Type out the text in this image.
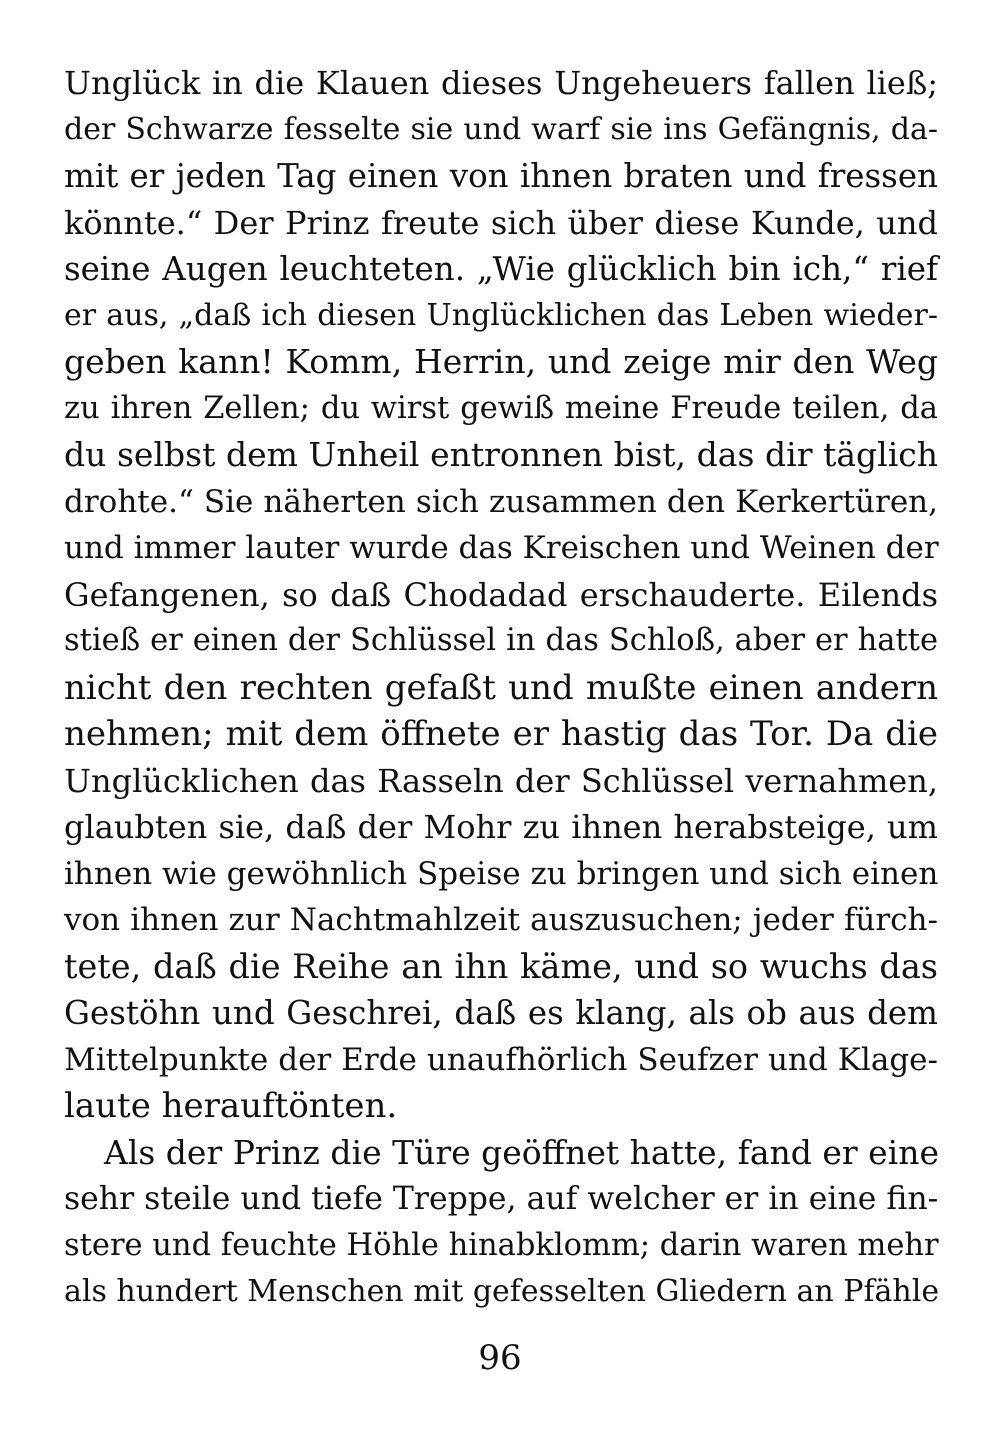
Unglück in die Klauen dieses Ungeheuers fallen ließ;
der Schwarze fesselte sie und warf sie ins Gefängnis, da-
mit er jeden Tag einen von ihnen braten und fressen
könnte.“ Der Prinz freute sich über diese Kunde, und
seine Augen leuchteten. „Wie glücklich bin ich,“ rief
er aus, „daß ich diesen Unglücklichen das Leben wieder-
geben kann! Komm, Herrin, und zeige mir den Weg
zu ihren Zellen; du wirst gewiß meine Freude teilen, da
du selbst dem Unheil entronnen bist, das dir täglich
drohte.“ Sie näherten sich zusammen den Kerkertüren,
und immer lauter wurde das Kreischen und Weinen der
Gefangenen, so daß Chodadad erschauderte. Eilends
stieß er einen der Schlüssel in das Schloß, aber er hatte
nicht den rechten gefaßt und mußte einen andern
nehmen; mit dem öffnete er hastig das Tor. Da die
Unglücklichen das Rasseln der Schlüssel vernahmen,
glaubten sie, daß der Mohr zu ihnen herabsteige, um
ihnen wie gewöhnlich Speise zu bringen und sich einen
von ihnen zur Nachtmahlzeit auszusuchen; jeder fürch-
tete, daß die Reihe an ihn käme, und so wuchs das
Gestöhn und Geschrei, daß es klang, als ob aus dem
Mittelpunkte der Erde unaufhörlich Seufzer und Klage-
laute herauftönten.
Als der Prinz die Türe geöffnet hatte, fand er eine
sehr steile und tiefe Treppe, auf welcher er in eine fin-
stere und feuchte Höhle hinabklomm; darin waren mehr
als hundert Menschen mit gefesselten Gliedern an Pfähle
96
